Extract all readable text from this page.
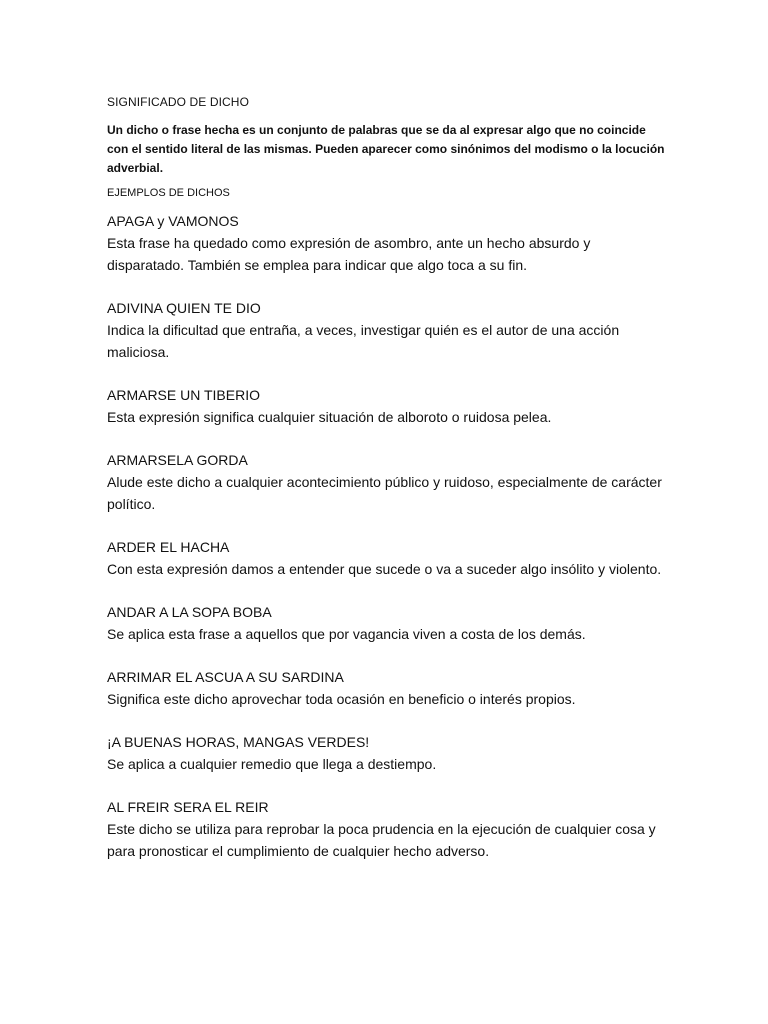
SIGNIFICADO DE DICHO

Un dicho o frase hecha es un conjunto de palabras que se da al expresar algo que no coincide con el sentido literal de las mismas. Pueden aparecer como sinónimos del modismo o la locución adverbial.

EJEMPLOS DE DICHOS

APAGA y VAMONOS

Esta frase ha quedado como expresión de asombro, ante un hecho absurdo y disparatado. También se emplea para indicar que algo toca a su fin.

ADIVINA QUIEN TE DIO

Indica la dificultad que entraña, a veces, investigar quién es el autor de una acción maliciosa.

ARMARSE UN TIBERIO

Esta expresión significa cualquier situación de alboroto o ruidosa pelea.

ARMARSELA GORDA

Alude este dicho a cualquier acontecimiento público y ruidoso, especialmente de carácter político.

ARDER EL HACHA

Con esta expresión damos a entender que sucede o va a suceder algo insólito y violento.

ANDAR A LA SOPA BOBA

Se aplica esta frase a aquellos que por vagancia viven a costa de los demás.

ARRIMAR EL ASCUA A SU SARDINA

Significa este dicho aprovechar toda ocasión en beneficio o interés propios.

¡A BUENAS HORAS, MANGAS VERDES!

Se aplica a cualquier remedio que llega a destiempo.

AL FREIR SERA EL REIR

Este dicho se utiliza para reprobar la poca prudencia en la ejecución de cualquier cosa y para pronosticar el cumplimiento de cualquier hecho adverso.
